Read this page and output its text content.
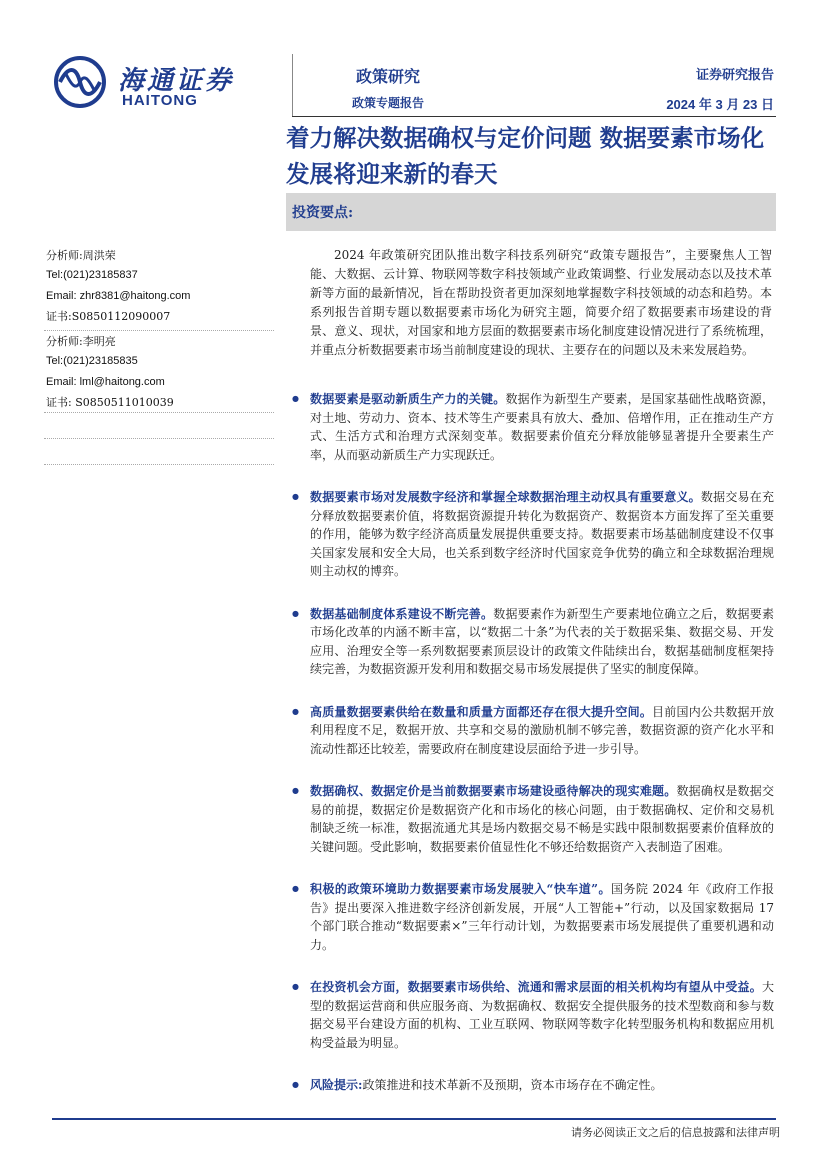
海通证券
HAITONG
政策研究
政策专题报告
证券研究报告
2024 年 3 月 23 日
着力解决数据确权与定价问题 数据要素市场化发展将迎来新的春天
投资要点:
分析师:周洪荣
Tel:(021)23185837
Email: zhr8381@haitong.com
证书:S0850112090007
分析师:李明亮
Tel:(021)23185835
Email: lml@haitong.com
证书: S0850511010039
2024 年政策研究团队推出数字科技系列研究“政策专题报告”，主要聚焦人工智能、大数据、云计算、物联网等数字科技领域产业政策调整、行业发展动态以及技术革新等方面的最新情况，旨在帮助投资者更加深刻地掌握数字科技领域的动态和趋势。本系列报告首期专题以数据要素市场化为研究主题，简要介绍了数据要素市场建设的背景、意义、现状，对国家和地方层面的数据要素市场化制度建设情况进行了系统梳理，并重点分析数据要素市场当前制度建设的现状、主要存在的问题以及未来发展趋势。
● 数据要素是驱动新质生产力的关键。数据作为新型生产要素，是国家基础性战略资源，对土地、劳动力、资本、技术等生产要素具有放大、叠加、倍增作用，正在推动生产方式、生活方式和治理方式深刻变革。数据要素价值充分释放能够显著提升全要素生产率，从而驱动新质生产力实现跃迁。
● 数据要素市场对发展数字经济和掌握全球数据治理主动权具有重要意义。数据交易在充分释放数据要素价值，将数据资源提升转化为数据资产、数据资本方面发挥了至关重要的作用，能够为数字经济高质量发展提供重要支持。数据要素市场基础制度建设不仅事关国家发展和安全大局，也关系到数字经济时代国家竞争优势的确立和全球数据治理规则主动权的博弈。
● 数据基础制度体系建设不断完善。数据要素作为新型生产要素地位确立之后，数据要素市场化改革的内涵不断丰富，以“数据二十条”为代表的关于数据采集、数据交易、开发应用、治理安全等一系列数据要素顶层设计的政策文件陆续出台，数据基础制度框架持续完善，为数据资源开发利用和数据交易市场发展提供了坚实的制度保障。
● 高质量数据要素供给在数量和质量方面都还存在很大提升空间。目前国内公共数据开放利用程度不足，数据开放、共享和交易的激励机制不够完善，数据资源的资产化水平和流动性都还比较差，需要政府在制度建设层面给予进一步引导。
● 数据确权、数据定价是当前数据要素市场建设亟待解决的现实难题。数据确权是数据交易的前提，数据定价是数据资产化和市场化的核心问题，由于数据确权、定价和交易机制缺乏统一标准，数据流通尤其是场内数据交易不畅是实践中限制数据要素价值释放的关键问题。受此影响，数据要素价值显性化不够还给数据资产入表制造了困难。
● 积极的政策环境助力数据要素市场发展驶入“快车道”。国务院 2024 年《政府工作报告》提出要深入推进数字经济创新发展，开展“人工智能+”行动，以及国家数据局 17 个部门联合推动“数据要素×”三年行动计划，为数据要素市场发展提供了重要机遇和动力。
● 在投资机会方面，数据要素市场供给、流通和需求层面的相关机构均有望从中受益。大型的数据运营商和供应服务商、为数据确权、数据安全提供服务的技术型数商和参与数据交易平台建设方面的机构、工业互联网、物联网等数字化转型服务机构和数据应用机构受益最为明显。
● 风险提示:政策推进和技术革新不及预期，资本市场存在不确定性。
请务必阅读正文之后的信息披露和法律声明
